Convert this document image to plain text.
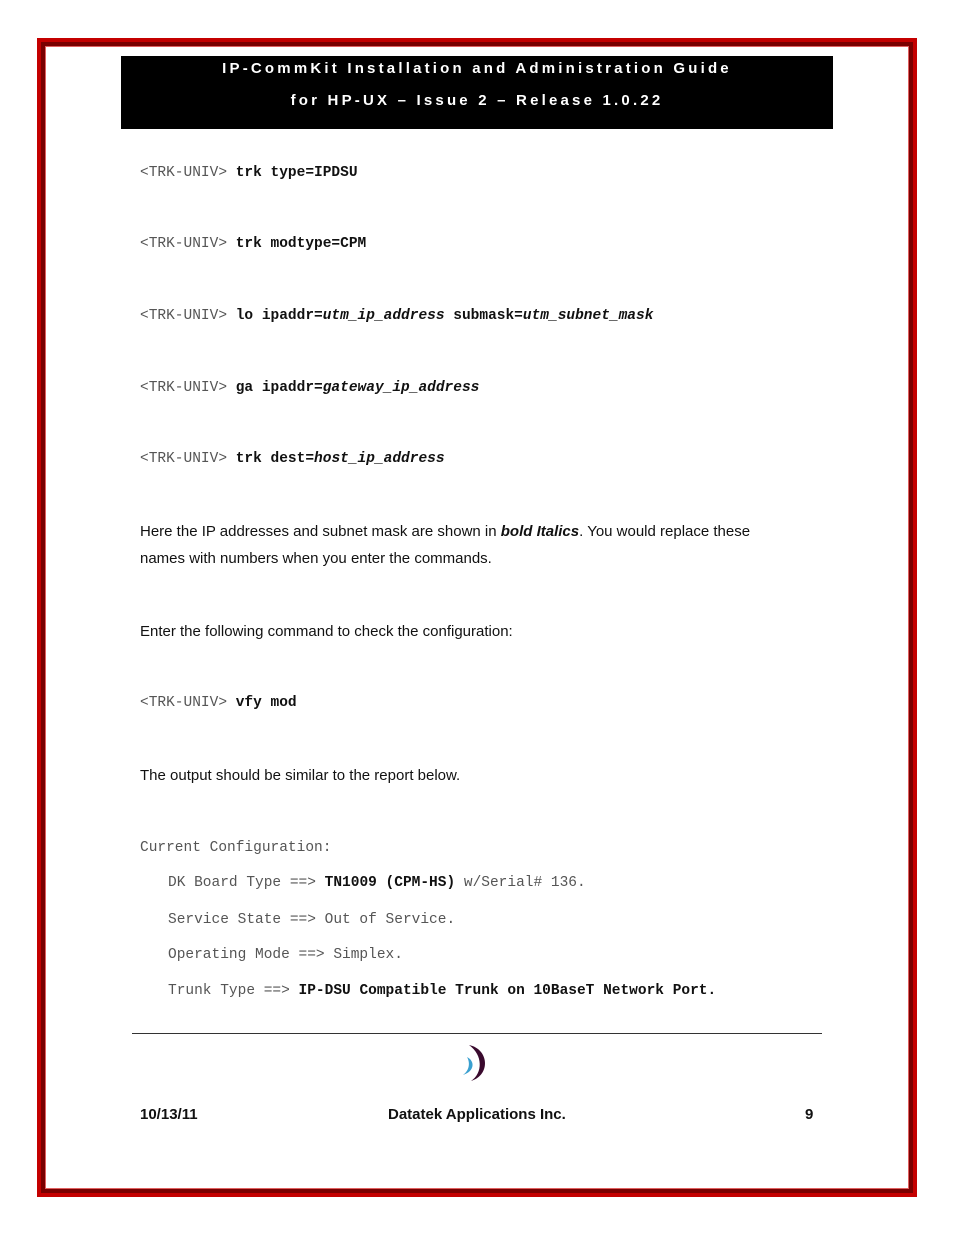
IP-CommKit Installation and Administration Guide
for HP-UX – Issue 2 – Release 1.0.22
<TRK-UNIV> trk type=IPDSU
<TRK-UNIV> trk modtype=CPM
<TRK-UNIV> lo ipaddr=utm_ip_address submask=utm_subnet_mask
<TRK-UNIV> ga ipaddr=gateway_ip_address
<TRK-UNIV> trk dest=host_ip_address
Here the IP addresses and subnet mask are shown in bold Italics. You would replace these
names with numbers when you enter the commands.
Enter the following command to check the configuration:
<TRK-UNIV> vfy mod
The output should be similar to the report below.
Current Configuration:
DK Board Type ==> TN1009 (CPM-HS) w/Serial# 136.
Service State ==> Out of Service.
Operating Mode ==> Simplex.
Trunk Type ==> IP-DSU Compatible Trunk on 10BaseT Network Port.
10/13/11	Datatek Applications Inc.	9
